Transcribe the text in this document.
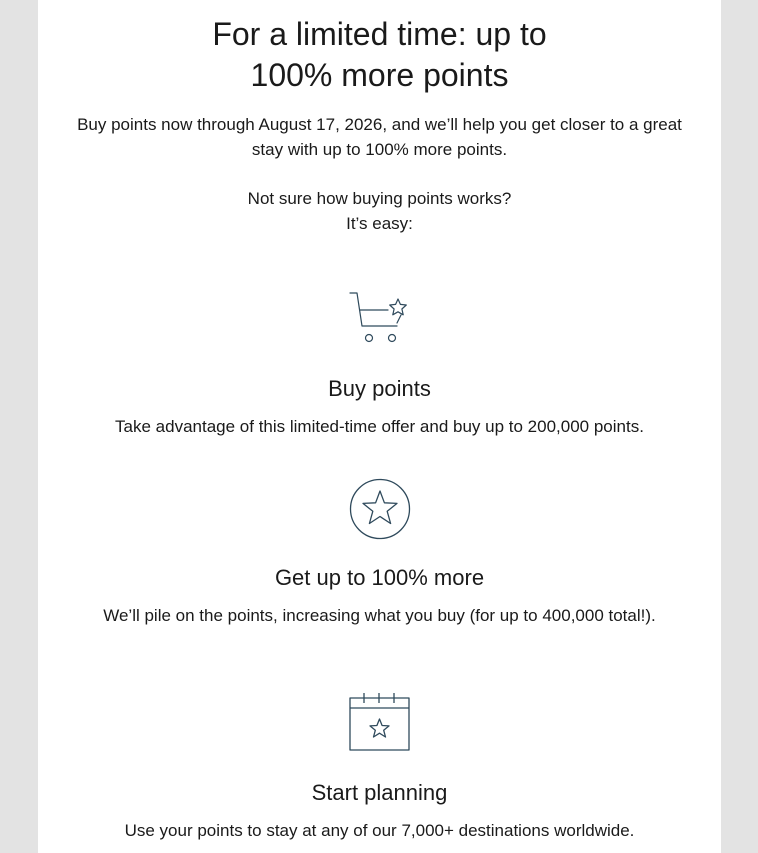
For a limited time: up to
100% more points

Buy points now through August 17, 2026, and we’ll help you get closer to a great stay with up to 100% more points.

Not sure how buying points works?
It’s easy:

Buy points

Take advantage of this limited-time offer and buy up to 200,000 points.

Get up to 100% more

We’ll pile on the points, increasing what you buy (for up to 400,000 total!).

Start planning

Use your points to stay at any of our 7,000+ destinations worldwide.
